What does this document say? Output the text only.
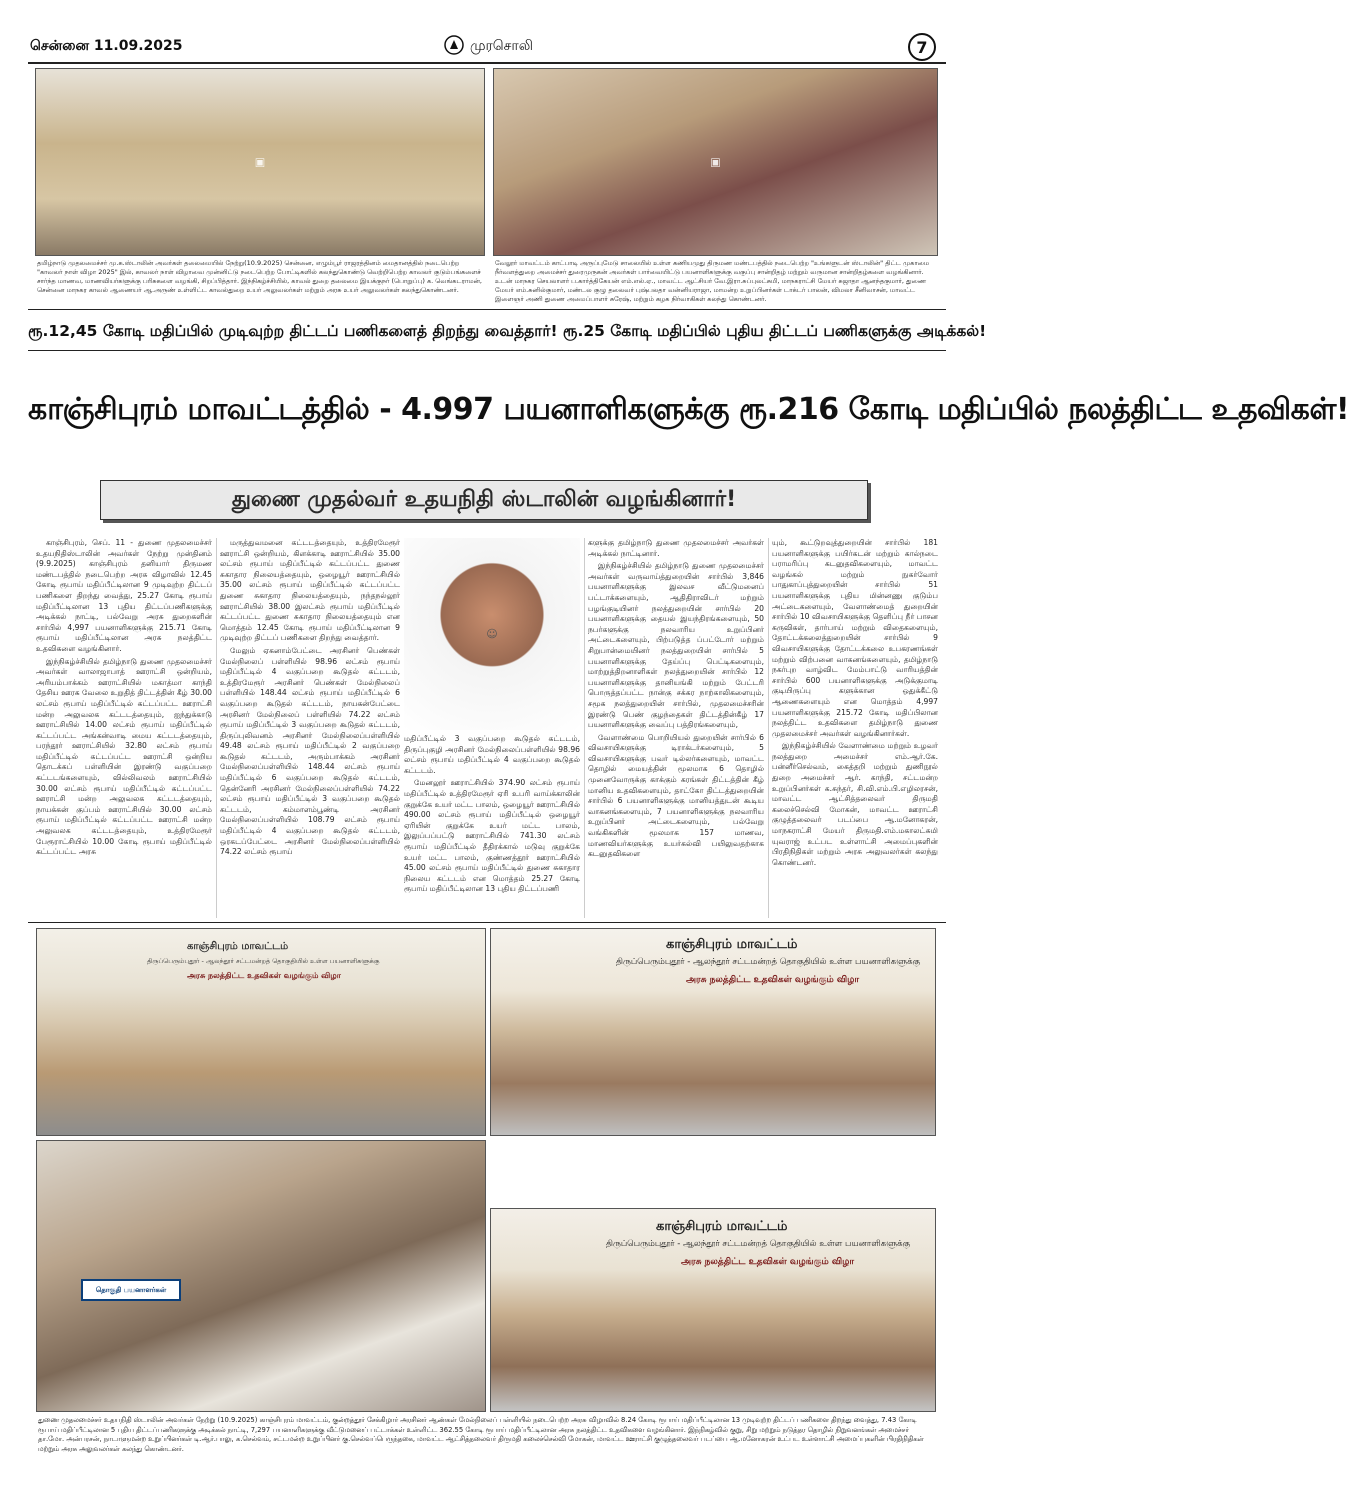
சென்னை 11.09.2025	முரசொலி	7
▣
தமிழ்நாடு முதலமைச்சர் மு.க.ஸ்டாலின் அவர்கள் தலைமையில் நேற்று(10.9.2025) சென்னை, எழும்பூர் ராஜரத்தினம் மைதானத்தில் நடைபெற்ற "காவலர் நாள் விழா 2025" இல், காவலர் நாள் விழாவை முன்னிட்டு நடைபெற்ற போட்டிகளில் கலந்துகொண்டு வெற்றிபெற்ற காவலர் குடும்பங்களைச் சார்ந்த மாணவ, மாணவியர்களுக்கு பரிசுகளை வழங்கி, சிறப்பித்தார். இந்நிகழ்ச்சியில், காவல் துறை தலைமை இயக்குநர் (பொறுப்பு) க. வெங்கடராமன், சென்னை மாநகர காவல் ஆணையர் ஆ.அருண் உள்ளிட்ட காவல்துறை உயர் அலுவலர்கள் மற்றும் அரசு உயர் அலுவலர்கள் கலந்துகொண்டனர்.
▣
வேலூர் மாவட்டம் காட்பாடி அருப்புமேடு சாலையில் உள்ள கணியமுது திருமண மண்டபத்தில் நடைபெற்ற "உங்களுடன் ஸ்டாலின்" திட்ட முகாமை நீர்வளத்துறை அமைச்சர் துரைமுருகன் அவர்கள் பார்வையிட்டு பயனாளிகளுக்கு வகுப்பு சான்றிதழ் மற்றும் வருமான சான்றிதழ்களை வழங்கினார். உடன் மாநகர செயலாளர் ப.கார்த்திகேயன் எம்.எல்.ஏ., மாவட்ட ஆட்சியர் வே.இரா.சுப்புலட்சுமி, மாநகராட்சி மேயர் சுஜாதா ஆனந்தகுமார், துணை மேயர் எம்.சுனில்குமார், மண்டல குழு தலைவர் புஷ்பலதா வன்னியராஜா, மாமன்ற உறுப்பினர்கள் டாக்டர் பாலன், விமலா சீனிவாசன், மாவட்ட இளைஞர் அணி துணை அமைப்பாளர் சுரேஷ், மற்றும் கழக நிர்வாகிகள் கலந்து கொண்டனர்.
ரூ.12,45 கோடி மதிப்பில் முடிவுற்ற திட்டப் பணிகளைத் திறந்து வைத்தார்! ரூ.25 கோடி மதிப்பில் புதிய திட்டப் பணிகளுக்கு அடிக்கல்!
காஞ்சிபுரம் மாவட்டத்தில் - 4.997 பயனாளிகளுக்கு ரூ.216 கோடி மதிப்பில் நலத்திட்ட உதவிகள்!
துணை முதல்வர் உதயநிதி ஸ்டாலின் வழங்கினார்!

காஞ்சிபுரம், செப். 11 - துணை முதலமைச்சர் உதயநிதிஸ்டாலின் அவர்கள் நேற்று முன்தினம் (9.9.2025) காஞ்சிபுரம் தனியார் திருமண மண்டபத்தில் நடைபெற்ற அரசு விழாவில் 12.45 கோடி ரூபாய் மதிப்பீட்டிலான 9 முடிவுற்ற திட்டப் பணிகளை திறந்து வைத்து, 25.27 கோடி ரூபாய் மதிப்பீட்டிலான 13 புதிய திட்டப்பணிகளுக்கு அடிக்கல் நாட்டி, பல்வேறு அரசு துறைகளின் சார்பில் 4,997 பயனாளிகளுக்கு 215.71 கோடி ரூபாய் மதிப்பீட்டிலான அரசு நலத்திட்ட உதவிகளை வழங்கினார்.

இந்நிகழ்ச்சியில் தமிழ்நாடு துணை முதலமைச்சர் அவர்கள் வாலாஜாபாத் ஊராட்சி ஒன்றியம், அரியம்பாக்கம் ஊராட்சியில் மகாத்மா காந்தி தேசிய ஊரக வேலை உறுதித் திட்டத்தின் கீழ் 30.00 லட்சம் ரூபாய் மதிப்பீட்டில் கட்டப்பட்ட ஊராட்சி மன்ற அலுவலக கட்டடத்தையும், ஐந்துக்காடு ஊராட்சியில் 14.00 லட்சம் ரூபாய் மதிப்பீட்டில் கட்டப்பட்ட அங்கன்வாடி மைய கட்டடத்தையும், பரந்தூர் ஊராட்சியில் 32.80 லட்சம் ரூபாய் மதிப்பீட்டில் கட்டப்பட்ட ஊராட்சி ஒன்றிய தொடக்கப் பள்ளியின் இரண்டு வகுப்பறை கட்டடங்களையும், வில்லிவலம் ஊராட்சியில் 30.00 லட்சம் ரூபாய் மதிப்பீட்டில் கட்டப்பட்ட ஊராட்சி மன்ற அலுவலக கட்டடத்தையும், நாயக்கன் குப்பம் ஊராட்சியில் 30.00 லட்சம் ரூபாய் மதிப்பீட்டில் கட்டப்பட்ட ஊராட்சி மன்ற அலுவலக கட்டடத்தையும், உத்திரமேரூர் பேரூராட்சியில் 10.00 கோடி ரூபாய் மதிப்பீட்டில் கட்டப்பட்ட அரசு

மருத்துவமனை கட்டடத்தையும், உத்திரமேரூர் ஊராட்சி ஒன்றியம், கிளக்காடி ஊராட்சியில் 35.00 லட்சம் ரூபாய் மதிப்பீட்டில் கட்டப்பட்ட துணை சுகாதார நிலையத்தையும், ஒழையூர் ஊராட்சியில் 35.00 லட்சம் ரூபாய் மதிப்பீட்டில் கட்டப்பட்ட துணை சுகாதார நிலையத்தையும், நந்தநல்லூர் ஊராட்சியில் 38.00 இலட்சம் ரூபாய் மதிப்பீட்டில் கட்டப்பட்ட துணை சுகாதார நிலையத்தையும் என மொத்தம் 12.45 கோடி ரூபாய் மதிப்பீட்டிலான 9 முடிவுற்ற திட்டப் பணிகளை திறந்து வைத்தார்.

மேலும் ஏகனாம்பேட்டை அரசினர் பெண்கள் மேல்நிலைப் பள்ளியில் 98.96 லட்சம் ரூபாய் மதிப்பீட்டில் 4 வகுப்பறை கூடுதல் கட்டடம், உத்திரமேரூர் அரசினர் பெண்கள் மேல்நிலைப் பள்ளியில் 148.44 லட்சம் ரூபாய் மதிப்பீட்டில் 6 வகுப்பறை கூடுதல் கட்டடம், நாயகன்பேட்டை அரசினர் மேல்நிலைப் பள்ளியில் 74.22 லட்சம் ரூபாய் மதிப்பீட்டில் 3 வகுப்பறை கூடுதல் கட்டடம், திருப்புலிவனம் அரசினர் மேல்நிலைப்பள்ளியில் 49.48 லட்சம் ரூபாய் மதிப்பீட்டில் 2 வகுப்பறை கூடுதல் கட்டடம், அரும்பாக்கம் அரசினர் மேல்நிலைப்பள்ளியில் 148.44 லட்சம் ரூபாய் மதிப்பீட்டில் 6 வகுப்பறை கூடுதல் கட்டடம், தென்னேரி அரசினர் மேல்நிலைப்பள்ளியில் 74.22 லட்சம் ரூபாய் மதிப்பீட்டில் 3 வகுப்பறை கூடுதல் கட்டடம், கம்மாளம்பூண்டி அரசினர் மேல்நிலைப்பள்ளியில் 108.79 லட்சம் ரூபாய் மதிப்பீட்டில் 4 வகுப்பறை கூடுதல் கட்டடம், ஒரகடப்பேட்டை அரசினர் மேல்நிலைப்பள்ளியில் 74.22 லட்சம் ரூபாய்

☺

மதிப்பீட்டில் 3 வகுப்பறை கூடுதல் கட்டடம், திருப்புகுழி அரசினர் மேல்நிலைப்பள்ளியில் 98.96 லட்சம் ரூபாய் மதிப்பீட்டில் 4 வகுப்பறை கூடுதல் கட்டடம்.

மேனலூர் ஊராட்சியில் 374.90 லட்சம் ரூபாய் மதிப்பீட்டில் உத்திரமேரூர் ஏரி உபரி வாய்க்காலின் குறுக்கே உயர் மட்ட பாலம், ஒழையூர் ஊராட்சியில் 490.00 லட்சம் ரூபாய் மதிப்பீட்டில் ஒழையூர் ஏரியின் குறுக்கே உயர் மட்ட பாலம், இலுப்பப்பட்டு ஊராட்சியில் 741.30 லட்சம் ரூபாய் மதிப்பீட்டில் தீதிரக்கால் மடுவு குறுக்கே உயர் மட்ட பாலம், குண்ணத்தூர் ஊராட்சியில் 45.00 லட்சம் ரூபாய் மதிப்பீட்டில் துணை சுகாதார நிலைய கட்டடம் என மொத்தம் 25.27 கோடி ரூபாய் மதிப்பீட்டிலான 13 புதிய திட்டப்பணி

களுக்கு தமிழ்நாடு துணை முதலமைச்சர் அவர்கள் அடிக்கல் நாட்டினார்.

இந்நிகழ்ச்சியில் தமிழ்நாடு துணை முதலமைச்சர் அவர்கள் வருவாய்த்துறையின் சார்பில் 3,846 பயனாளிகளுக்கு இலவச வீட்டுமனைப் பட்டாக்களையும், ஆதிதிராவிடர் மற்றும் பழங்குடியினர் நலத்துறையின் சார்பில் 20 பயனாளிகளுக்கு தையல் இயந்திரங்களையும், 50 நபர்களுக்கு நலவாரிய உறுப்பினர் அட்டைகளையும், பிற்படுத்த ப்பட்டோர் மற்றும் சிறுபான்மையினர் நலத்துறையின் சார்பில் 5 பயனாளிகளுக்கு தேய்ப்பு பெட்டிகளையும், மாற்றுத்திறனாளிகள் நலத்துறையின் சார்பில் 12 பயனாளிகளுக்கு தானியங்கி மற்றும் பேட்டரி பொருத்தப்பட்ட நான்கு சக்கர நாற்காலிகளையும், சமூக நலத்துறையின் சார்பில், முதலமைச்சரின் இரண்டு பெண் குழந்தைகள் திட்டத்தின்கீழ் 17 பயனாளிகளுக்கு வைப்பு பத்திரங்களையும்,

வேளாண்மை பொறியியல் துறையின் சார்பில் 6 விவசாயிகளுக்கு டிராக்டர்களையும், 5 விவசாயிகளுக்கு பவர் டில்லர்களையும், மாவட்ட தொழில் மையத்தின் மூலமாக 6 தொழில் முனைவோருக்கு காக்கும் கரங்கள் திட்டத்தின் கீழ் மானிய உதவிகளையும், தாட்கோ திட்டத்துறையின் சார்பில் 6 பயனாளிகளுக்கு மானியத்துடன் கூடிய வாகனங்களையும், 7 பயனாளிகளுக்கு நலவாரிய உறுப்பினர் அட்டைகளையும், பல்வேறு வங்கிகளின் மூலமாக 157 மாணவ, மாணவியர்களுக்கு உயர்கல்வி பயிலுவதற்காக கடனுதவிகளை

யும், கூட்டுறவுத்துறையின் சார்பில் 181 பயனாளிகளுக்கு பயிர்கடன் மற்றும் கால்நடை பராமரிப்பு கடனுதவிகளையும், மாவட்ட வழங்கல் மற்றும் நுகர்வோர் பாதுகாப்புத்துறையின் சார்பில் 51 பயனாளிகளுக்கு புதிய மின்னணு குடும்ப அட்டைகளையும், வேளாண்மைத் துறையின் சார்பில் 10 விவசாயிகளுக்கு தெளிப்பு நீர் பாசன கருவிகள், தார்பாய் மற்றும் விதைகளையும், தோட்டக்கலைத்துறையின் சார்பில் 9 விவசாயிகளுக்கு தோட்டக்கலை உபகரணங்கள் மற்றும் விற்பனை வாகனங்களையும், தமிழ்நாடு நகர்புற வாழ்விட மேம்பாட்டு வாரியத்தின் சார்பில் 600 பயனாளிகளுக்கு அடுக்குமாடி குடியிருப்பு களுக்கான ஒதுக்கீட்டு ஆணைகளையும் என மொத்தம் 4,997 பயனாளிகளுக்கு 215.72 கோடி மதிப்பிலான நலத்திட்ட உதவிகளை தமிழ்நாடு துணை முதலமைச்சர் அவர்கள் வழங்கினார்கள்.

இந்நிகழ்ச்சியில் வேளாண்மை மற்றும் உழவர் நலத்துறை அமைச்சர் எம்.ஆர்.கே. பன்னீர்செல்வம், கைத்தறி மற்றும் துணிநூல் துறை அமைச்சர் ஆர். காந்தி, சட்டமன்ற உறுப்பினர்கள் க.சுந்தர், சி.வி.எம்.பி.எழிலரசன், மாவட்ட ஆட்சித்தலைவர் திருமதி கலைச்செல்வி மோகன், மாவட்ட ஊராட்சி குழுத்தலைவர் படப்பை ஆ.மனோகரன், மாநகராட்சி மேயர் திருமதி.எம்.மகாலட்சுமி யுவராஜ் உட்பட உள்ளாட்சி அமைப்புகளின் பிரதிநிதிகள் மற்றும் அரசு அலுவலர்கள் கலந்து கொண்டனர்.

காஞ்சிபுரம் மாவட்டம்
திருப்பெரும்புதூர் - ஆலந்தூர் சட்டமன்றத் தொகுதியில் உள்ள பயனாளிகளுக்கு
அரசு நலத்திட்ட உதவிகள் வழங்கும் விழா
காஞ்சிபுரம் மாவட்டம்
திருப்பெரும்புதூர் - ஆலந்தூர் சட்டமன்றத் தொகுதியில் உள்ள பயனாளிகளுக்கு
அரசு நலத்திட்ட உதவிகள் வழங்கும் விழா
தொகுதி பயனாளர்கள்
காஞ்சிபுரம் மாவட்டம்
திருப்பெரும்புதூர் - ஆலந்தூர் சட்டமன்றத் தொகுதியில் உள்ள பயனாளிகளுக்கு
அரசு நலத்திட்ட உதவிகள் வழங்கும் விழா
துணை முதலமைச்சர் உதயநிதி ஸ்டாலின் அவர்கள் நேற்று (10.9.2025) காஞ்சிபுரம் மாவட்டம், குன்றத்தூர் சேக்கிழார் அரசினர் ஆண்கள் மேல்நிலைப் பள்ளியில் நடைபெற்ற அரசு விழாவில் 8.24 கோடி ரூபாய் மதிப்பீட்டிலான 13 முடிவுற்ற திட்டப் பணிகளை திறந்து வைத்து, 7.43 கோடி ரூபாய் மதிப்பீட்டிலான 5 புதிய திட்டப்பணிகளுக்கு அடிக்கல் நாட்டி, 7,297 பயனாளிகளுக்கு வீட்டுமனைப் பட்டாக்கள் உள்ளிட்ட 362.55 கோடி ரூபாய் மதிப்பீட்டிலான அரசு நலத்திட்ட உதவிகளை வழங்கினார். இந்நிகழ்வில் குறு, சிறு மற்றும் நடுத்தர தொழில் நிறுவனங்கள் அமைச்சர் தா.மோ. அன்பரசன், நாடாளுமன்ற உறுப்பினர்கள் டி.ஆர்.பாலு, க.செல்வம், சட்டமன்ற உறுப்பினர் கு.செல்வப்பெருந்தகை, மாவட்ட ஆட்சித்தலைவர் திருமதி கலைச்செல்வி மோகன், மாவட்ட ஊராட்சி குழுத்தலைவர் படப்பை ஆ.மனோகரன் உட்பட உள்ளாட்சி அமைப்புகளின் பிரதிநிதிகள் மற்றும் அரசு அலுவலர்கள் கலந்து கொண்டனர்.
